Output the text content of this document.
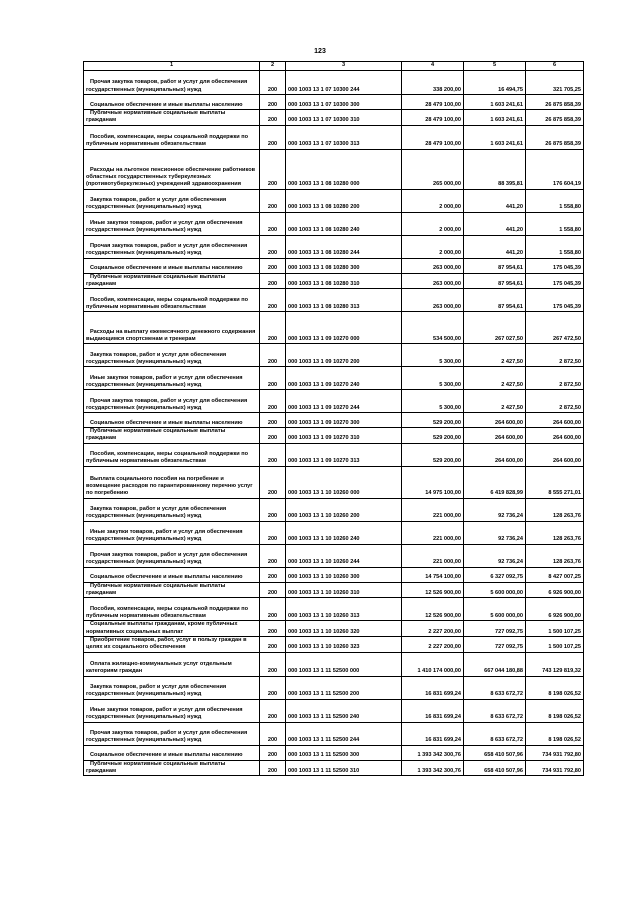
123
1	2	3	4	5	6
Прочая закупка товаров, работ и услуг для обеспечения государственных (муниципальных) нужд	200	000 1003 13 1 07 10300 244	338 200,00	16 494,75	321 705,25
Социальное обеспечение и иные выплаты населению	200	000 1003 13 1 07 10300 300	28 479 100,00	1 603 241,61	26 875 858,39
Публичные нормативные социальные выплаты гражданам	200	000 1003 13 1 07 10300 310	28 479 100,00	1 603 241,61	26 875 858,39
Пособия, компенсации, меры социальной поддержки по публичным нормативным обязательствам	200	000 1003 13 1 07 10300 313	28 479 100,00	1 603 241,61	26 875 858,39
Расходы на льготное пенсионное обеспечение работников областных государственных туберкулезных (противотуберкулезных) учреждений здравоохранения	200	000 1003 13 1 08 10280 000	265 000,00	88 395,81	176 604,19
Закупка товаров, работ и услуг для обеспечения государственных (муниципальных) нужд	200	000 1003 13 1 08 10280 200	2 000,00	441,20	1 558,80
Иные закупки товаров, работ и услуг для обеспечения государственных (муниципальных) нужд	200	000 1003 13 1 08 10280 240	2 000,00	441,20	1 558,80
Прочая закупка товаров, работ и услуг для обеспечения государственных (муниципальных) нужд	200	000 1003 13 1 08 10280 244	2 000,00	441,20	1 558,80
Социальное обеспечение и иные выплаты населению	200	000 1003 13 1 08 10280 300	263 000,00	87 954,61	175 045,39
Публичные нормативные социальные выплаты гражданам	200	000 1003 13 1 08 10280 310	263 000,00	87 954,61	175 045,39
Пособия, компенсации, меры социальной поддержки по публичным нормативным обязательствам	200	000 1003 13 1 08 10280 313	263 000,00	87 954,61	175 045,39
Расходы на выплату ежемесячного денежного содержания выдающимся спортсменам и тренерам	200	000 1003 13 1 09 10270 000	534 500,00	267 027,50	267 472,50
Закупка товаров, работ и услуг для обеспечения государственных (муниципальных) нужд	200	000 1003 13 1 09 10270 200	5 300,00	2 427,50	2 872,50
Иные закупки товаров, работ и услуг для обеспечения государственных (муниципальных) нужд	200	000 1003 13 1 09 10270 240	5 300,00	2 427,50	2 872,50
Прочая закупка товаров, работ и услуг для обеспечения государственных (муниципальных) нужд	200	000 1003 13 1 09 10270 244	5 300,00	2 427,50	2 872,50
Социальное обеспечение и иные выплаты населению	200	000 1003 13 1 09 10270 300	529 200,00	264 600,00	264 600,00
Публичные нормативные социальные выплаты гражданам	200	000 1003 13 1 09 10270 310	529 200,00	264 600,00	264 600,00
Пособия, компенсации, меры социальной поддержки по публичным нормативным обязательствам	200	000 1003 13 1 09 10270 313	529 200,00	264 600,00	264 600,00
Выплата социального пособия на погребение и возмещение расходов по гарантированному перечню услуг по погребению	200	000 1003 13 1 10 10260 000	14 975 100,00	6 419 828,99	8 555 271,01
Закупка товаров, работ и услуг для обеспечения государственных (муниципальных) нужд	200	000 1003 13 1 10 10260 200	221 000,00	92 736,24	128 263,76
Иные закупки товаров, работ и услуг для обеспечения государственных (муниципальных) нужд	200	000 1003 13 1 10 10260 240	221 000,00	92 736,24	128 263,76
Прочая закупка товаров, работ и услуг для обеспечения государственных (муниципальных) нужд	200	000 1003 13 1 10 10260 244	221 000,00	92 736,24	128 263,76
Социальное обеспечение и иные выплаты населению	200	000 1003 13 1 10 10260 300	14 754 100,00	6 327 092,75	8 427 007,25
Публичные нормативные социальные выплаты гражданам	200	000 1003 13 1 10 10260 310	12 526 900,00	5 600 000,00	6 926 900,00
Пособия, компенсации, меры социальной поддержки по публичным нормативным обязательствам	200	000 1003 13 1 10 10260 313	12 526 900,00	5 600 000,00	6 926 900,00
Социальные выплаты гражданам, кроме публичных нормативных социальных выплат	200	000 1003 13 1 10 10260 320	2 227 200,00	727 092,75	1 500 107,25
Приобретение товаров, работ, услуг в пользу граждан в целях их социального обеспечения	200	000 1003 13 1 10 10260 323	2 227 200,00	727 092,75	1 500 107,25
Оплата жилищно-коммунальных услуг отдельным категориям граждан	200	000 1003 13 1 11 52500 000	1 410 174 000,00	667 044 180,88	743 129 819,32
Закупка товаров, работ и услуг для обеспечения государственных (муниципальных) нужд	200	000 1003 13 1 11 52500 200	16 831 699,24	8 633 672,72	8 198 026,52
Иные закупки товаров, работ и услуг для обеспечения государственных (муниципальных) нужд	200	000 1003 13 1 11 52500 240	16 831 699,24	8 633 672,72	8 198 026,52
Прочая закупка товаров, работ и услуг для обеспечения государственных (муниципальных) нужд	200	000 1003 13 1 11 52500 244	16 831 699,24	8 633 672,72	8 198 026,52
Социальное обеспечение и иные выплаты населению	200	000 1003 13 1 11 52500 300	1 393 342 300,76	658 410 507,96	734 931 792,80
Публичные нормативные социальные выплаты гражданам	200	000 1003 13 1 11 52500 310	1 393 342 300,76	658 410 507,96	734 931 792,80
